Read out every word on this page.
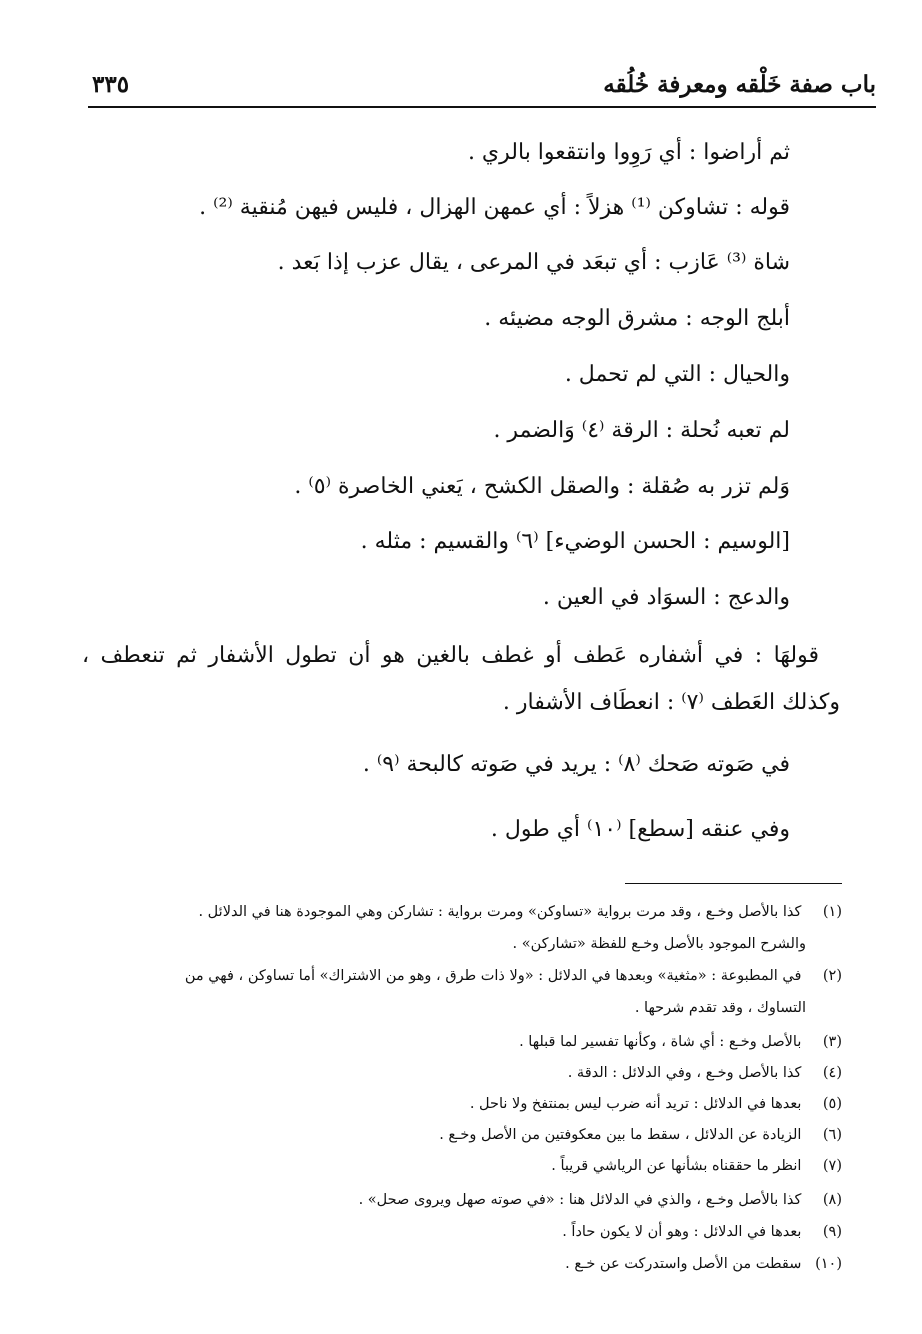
٣٣٥	باب صفة خَلْقه ومعرفة خُلُقه
ثم أراضوا : أي رَوِوا وانتقعوا بالري .
قوله : تشاوكن ⁽¹⁾ هزلاً : أي عمهن الهزال ، فليس فيهن مُنقية ⁽²⁾ .
شاة ⁽³⁾ عَازب : أي تبعَد في المرعى ، يقال عزب إذا بَعد .
أبلج الوجه : مشرق الوجه مضيئه .
والحيال : التي لم تحمل .
لم تعبه نُحلة : الرقة ⁽٤⁾ وَالضمر .
وَلم تزر به صُقلة : والصقل الكشح ، يَعني الخاصرة ⁽٥⁾ .
[الوسيم : الحسن الوضيء] ⁽٦⁾ والقسيم : مثله .
والدعج : السوَاد في العين .
قولهَا : في أشفاره عَطف أو غطف بالغين هو أن تطول الأشفار ثم تنعطف ،
وكذلك العَطف ⁽٧⁾ : انعطَاف الأشفار .
في صَوته صَحك ⁽٨⁾ : يريد في صَوته كالبحة ⁽٩⁾ .
وفي عنقه [سطع] ⁽١٠⁾ أي طول .
(١) كذا بالأصل وخـع ، وقد مرت برواية «تساوكن» ومرت برواية : تشاركن وهي الموجودة هنا في الدلائل .
والشرح الموجود بالأصل وخـع للفظة «تشاركن» .
(٢) في المطبوعة : «مثغية» وبعدها في الدلائل : «ولا ذات طرق ، وهو من الاشتراك» أما تساوكن ، فهي من
التساوك ، وقد تقدم شرحها .
(٣) بالأصل وخـع : أي شاة ، وكأنها تفسير لما قبلها .
(٤) كذا بالأصل وخـع ، وفي الدلائل : الدقة .
(٥) بعدها في الدلائل : تريد أنه ضرب ليس بمنتفخ ولا ناحل .
(٦) الزيادة عن الدلائل ، سقط ما بين معكوفتين من الأصل وخـع .
(٧) انظر ما حققناه بشأنها عن الرياشي قريباً .
(٨) كذا بالأصل وخـع ، والذي في الدلائل هنا : «في صوته صهل ويروى صحل» .
(٩) بعدها في الدلائل : وهو أن لا يكون حاداً .
(١٠) سقطت من الأصل واستدركت عن خـع .
